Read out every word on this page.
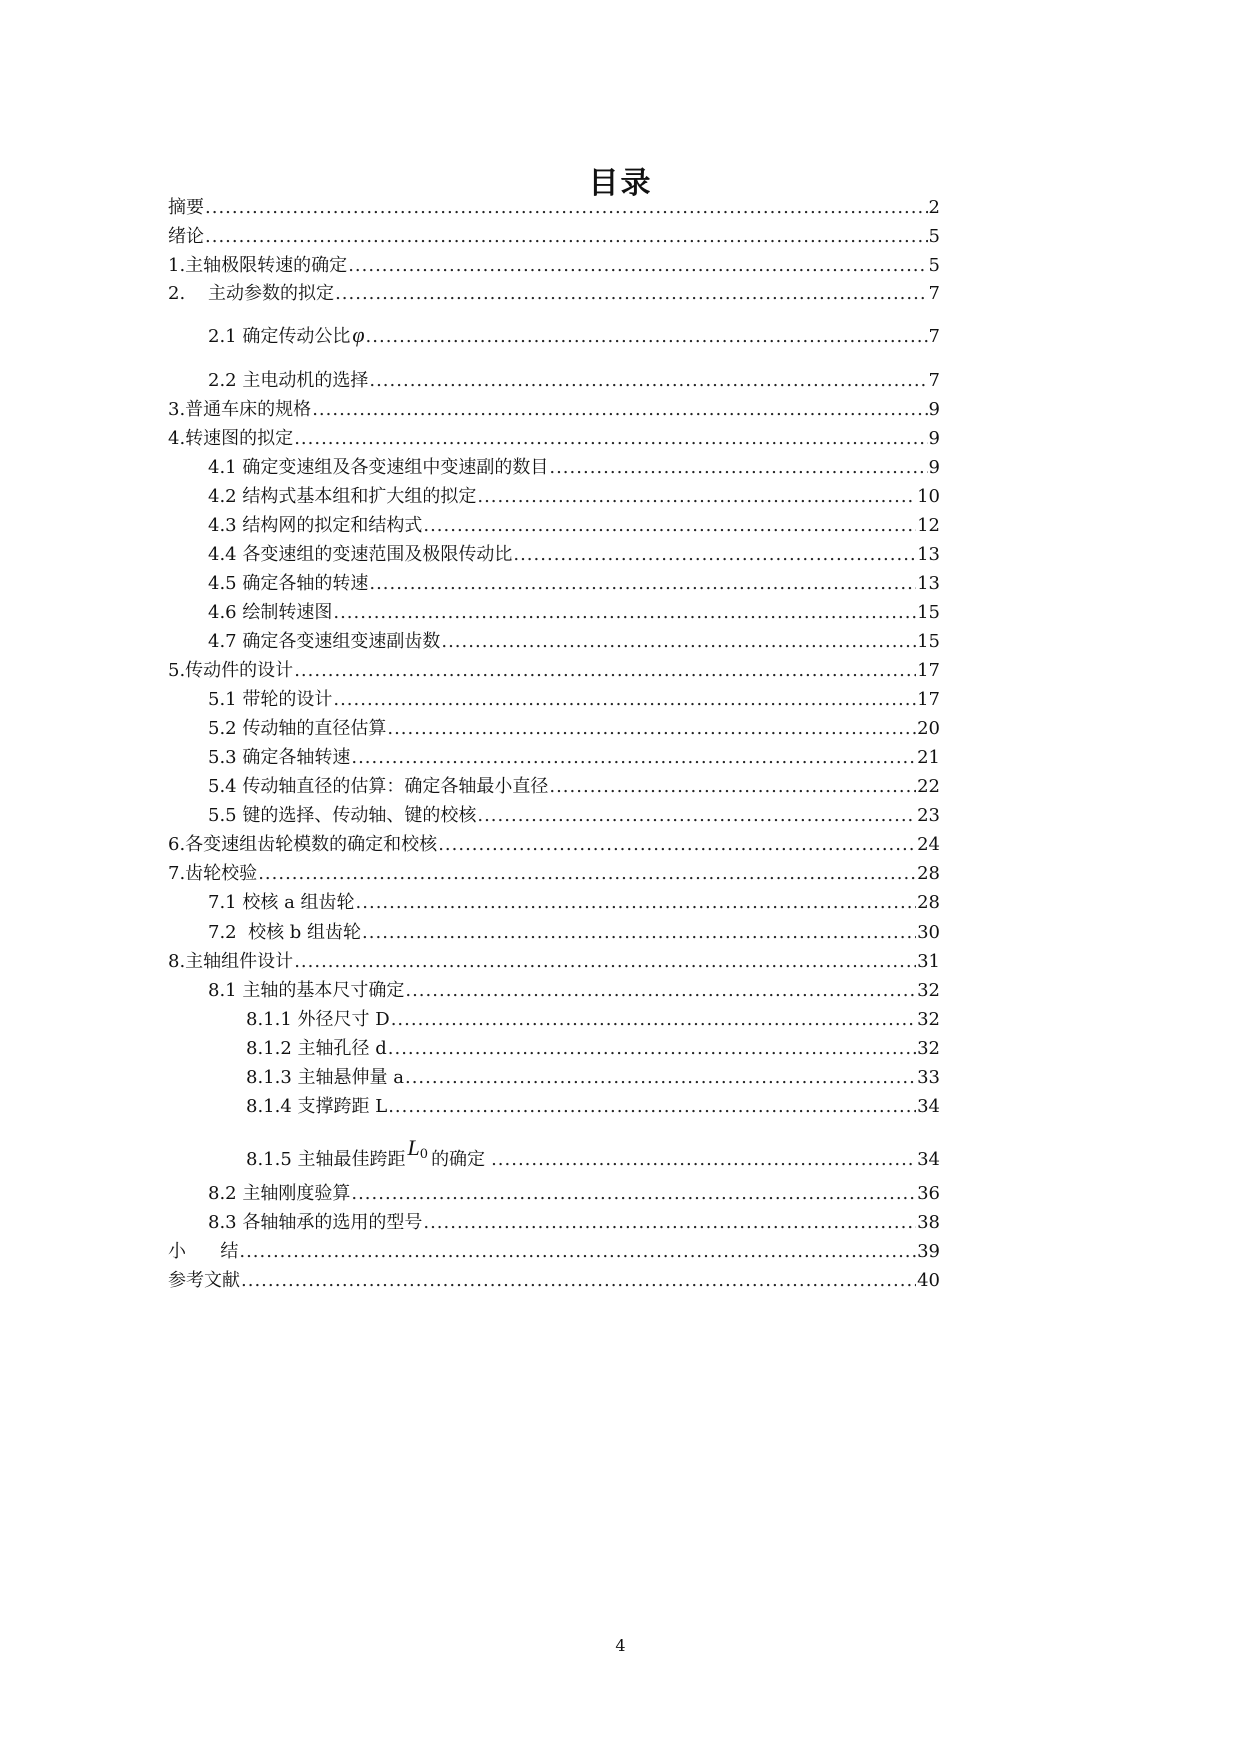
目录
摘要 .....	2
绪论 .....	5
1.主轴极限转速的确定 .....	5
2.    主动参数的拟定 .....	7
2.1 确定传动公比 φ .....	7
2.2 主电动机的选择 .....	7
3.普通车床的规格 .....	9
4.转速图的拟定 .....	9
4.1 确定变速组及各变速组中变速副的数目 .....	9
4.2 结构式基本组和扩大组的拟定 .....	10
4.3 结构网的拟定和结构式 .....	12
4.4 各变速组的变速范围及极限传动比 .....	13
4.5 确定各轴的转速 .....	13
4.6 绘制转速图 .....	15
4.7 确定各变速组变速副齿数 .....	15
5.传动件的设计 .....	17
5.1 带轮的设计 .....	17
5.2 传动轴的直径估算 .....	20
5.3 确定各轴转速 .....	21
5.4 传动轴直径的估算：确定各轴最小直径 .....	22
5.5 键的选择、传动轴、键的校核 .....	23
6.各变速组齿轮模数的确定和校核 .....	24
7.齿轮校验 .....	28
7.1 校核 a 组齿轮 .....	28
7.2  校核 b 组齿轮 .....	30
8.主轴组件设计 .....	31
8.1 主轴的基本尺寸确定 .....	32
8.1.1 外径尺寸 D .....	32
8.1.2 主轴孔径 d .....	32
8.1.3 主轴悬伸量 a .....	33
8.1.4 支撑跨距 L .....	34
8.1.5 主轴最佳跨距 $L_0$ 的确定 .....	34
8.2 主轴刚度验算 .....	36
8.3 各轴轴承的选用的型号 .....	38
小      结 .....	39
参考文献 .....	40
4
